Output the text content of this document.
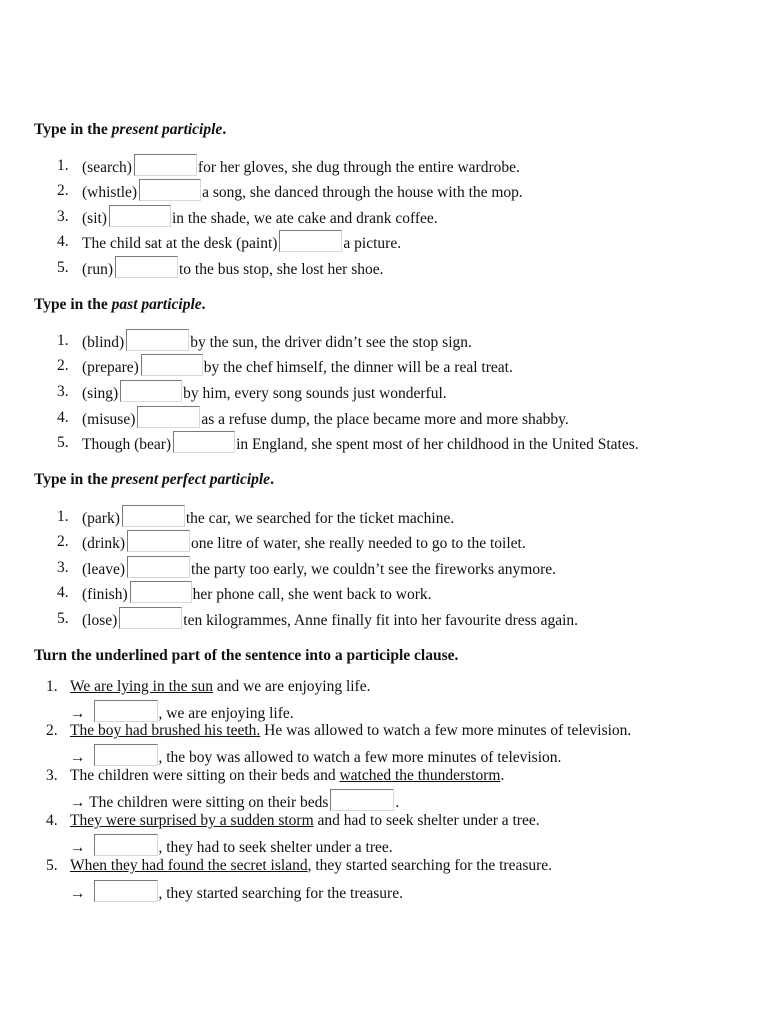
Type in the present participle.
1. (search)	for her gloves, she dug through the entire wardrobe.
2. (whistle)	a song, she danced through the house with the mop.
3. (sit)	in the shade, we ate cake and drank coffee.
4. The child sat at the desk (paint)	a picture.
5. (run)	to the bus stop, she lost her shoe.
Type in the past participle.
1. (blind)	by the sun, the driver didn’t see the stop sign.
2. (prepare)	by the chef himself, the dinner will be a real treat.
3. (sing)	by him, every song sounds just wonderful.
4. (misuse)	as a refuse dump, the place became more and more shabby.
5. Though (bear)	in England, she spent most of her childhood in the United States.
Type in the present perfect participle.
1. (park)	the car, we searched for the ticket machine.
2. (drink)	one litre of water, she really needed to go to the toilet.
3. (leave)	the party too early, we couldn’t see the fireworks anymore.
4. (finish)	her phone call, she went back to work.
5. (lose)	ten kilogrammes, Anne finally fit into her favourite dress again.
Turn the underlined part of the sentence into a participle clause.
1. We are lying in the sun and we are enjoying life.
→	, we are enjoying life.
2. The boy had brushed his teeth. He was allowed to watch a few more minutes of television.
→	, the boy was allowed to watch a few more minutes of television.
3. The children were sitting on their beds and watched the thunderstorm .
→ The children were sitting on their beds	.
4. They were surprised by a sudden storm and had to seek shelter under a tree.
→	, they had to seek shelter under a tree.
5. When they had found the secret island , they started searching for the treasure.
→	, they started searching for the treasure.
